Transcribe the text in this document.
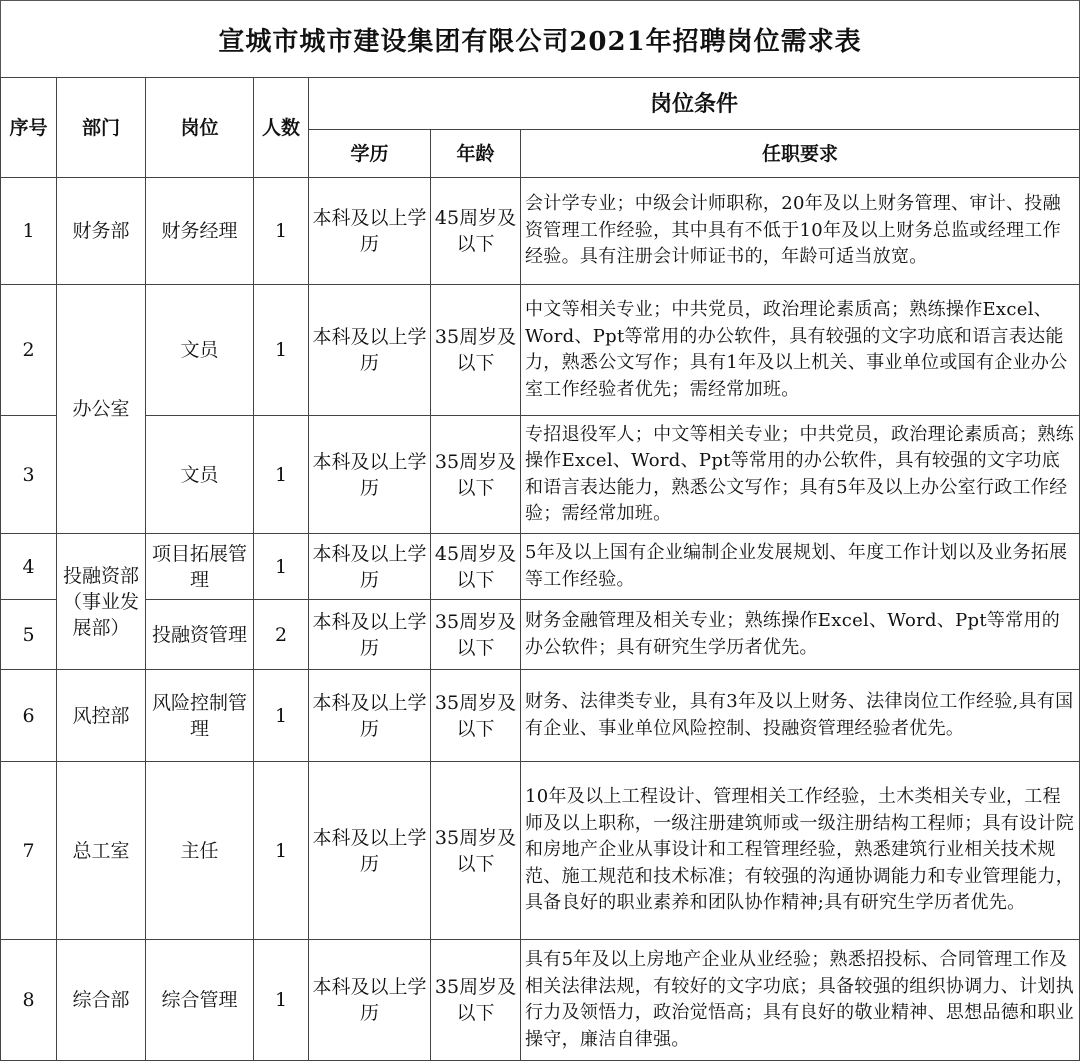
宣城市城市建设集团有限公司2021年招聘岗位需求表
序号	部门	岗位	人数	岗位条件		
				学历	年龄	任职要求
1	财务部	财务经理	1	本科及以上学历	45周岁及以下	会计学专业；中级会计师职称，20年及以上财务管理、审计、投融资管理工作经验，其中具有不低于10年及以上财务总监或经理工作经验。具有注册会计师证书的，年龄可适当放宽。
2	办公室	文员	1	本科及以上学历	35周岁及以下	中文等相关专业；中共党员，政治理论素质高；熟练操作Excel、Word、Ppt等常用的办公软件，具有较强的文字功底和语言表达能力，熟悉公文写作；具有1年及以上机关、事业单位或国有企业办公室工作经验者优先；需经常加班。
3		文员	1	本科及以上学历	35周岁及以下	专招退役军人；中文等相关专业；中共党员，政治理论素质高；熟练操作Excel、Word、Ppt等常用的办公软件，具有较强的文字功底和语言表达能力，熟悉公文写作；具有5年及以上办公室行政工作经验；需经常加班。
4	投融资部（事业发展部）	项目拓展管理	1	本科及以上学历	45周岁及以下	5年及以上国有企业编制企业发展规划、年度工作计划以及业务拓展等工作经验。
5		投融资管理	2	本科及以上学历	35周岁及以下	财务金融管理及相关专业；熟练操作Excel、Word、Ppt等常用的办公软件；具有研究生学历者优先。
6	风控部	风险控制管理	1	本科及以上学历	35周岁及以下	财务、法律类专业，具有3年及以上财务、法律岗位工作经验,具有国有企业、事业单位风险控制、投融资管理经验者优先。
7	总工室	主任	1	本科及以上学历	35周岁及以下	10年及以上工程设计、管理相关工作经验，土木类相关专业，工程师及以上职称，一级注册建筑师或一级注册结构工程师；具有设计院和房地产企业从事设计和工程管理经验，熟悉建筑行业相关技术规范、施工规范和技术标准；有较强的沟通协调能力和专业管理能力，具备良好的职业素养和团队协作精神;具有研究生学历者优先。
8	综合部	综合管理	1	本科及以上学历	35周岁及以下	具有5年及以上房地产企业从业经验；熟悉招投标、合同管理工作及相关法律法规，有较好的文字功底；具备较强的组织协调力、计划执行力及领悟力，政治觉悟高；具有良好的敬业精神、思想品德和职业操守，廉洁自律强。
